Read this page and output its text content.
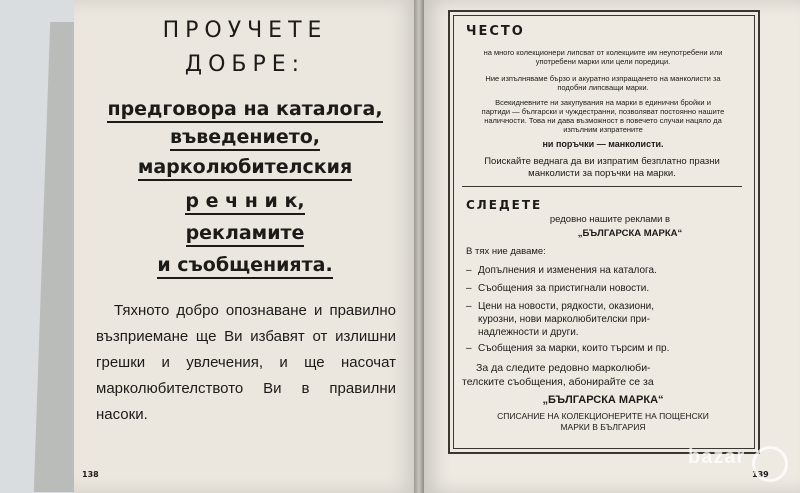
ПРОУЧЕТЕ
ДОБРЕ:
предговора на каталога,
въведението,
марколюбителския
р е ч н и к,
рекламите
и съобщенията.
Тяхното добро опознаване и правилно възприемане ще Ви избавят от излишни грешки и увлечения, и ще насочат марколюбителството Ви в правилни насоки.
138
ЧЕСТО
на много колекционери липсват от колекциите им неупотребени или употребени марки или цели поредици.
Ние изпълняваме бързо и акуратно изпращането на манколисти за подобни липсващи марки.
Всекидневните ни закупувания на марки в единични бройки и партиди — български и чуждестранни, позволяват постоянно нашите наличности. Това ни дава възможност в повечето случаи нацяло да изпълним изпратените
ни поръчки — манколисти.
Поискайте веднага да ви изпратим безплатно празни манколисти за поръчки на марки.
СЛЕДЕТЕ
редовно нашите реклами в
„БЪЛГАРСКА МАРКА“
В тях ние даваме:
– Допълнения и изменения на каталога.
– Съобщения за пристигнали новости.
– Цени на новости, рядкости, оказиони,
курозни, нови марколюбителски при-
надлежности и други.
– Съобщения за марки, които търсим и пр.
За да следите редовно марколюби-
телските съобщения, абонирайте се за
„БЪЛГАРСКА МАРКА“
СПИСАНИЕ НА КОЛЕКЦИОНЕРИТЕ НА ПОЩЕНСКИ
МАРКИ В БЪЛГАРИЯ
139
bazar
